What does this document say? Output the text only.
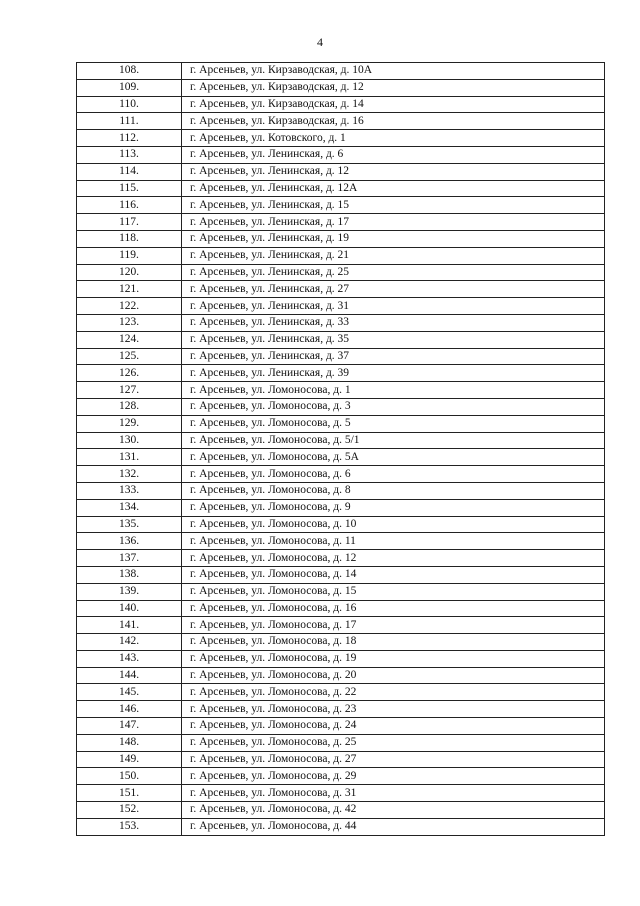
4
108.	г. Арсеньев, ул. Кирзаводская, д. 10А
109.	г. Арсеньев, ул. Кирзаводская, д. 12
110.	г. Арсеньев, ул. Кирзаводская, д. 14
111.	г. Арсеньев, ул. Кирзаводская, д. 16
112.	г. Арсеньев, ул. Котовского, д. 1
113.	г. Арсеньев, ул. Ленинская, д. 6
114.	г. Арсеньев, ул. Ленинская, д. 12
115.	г. Арсеньев, ул. Ленинская, д. 12А
116.	г. Арсеньев, ул. Ленинская, д. 15
117.	г. Арсеньев, ул. Ленинская, д. 17
118.	г. Арсеньев, ул. Ленинская, д. 19
119.	г. Арсеньев, ул. Ленинская, д. 21
120.	г. Арсеньев, ул. Ленинская, д. 25
121.	г. Арсеньев, ул. Ленинская, д. 27
122.	г. Арсеньев, ул. Ленинская, д. 31
123.	г. Арсеньев, ул. Ленинская, д. 33
124.	г. Арсеньев, ул. Ленинская, д. 35
125.	г. Арсеньев, ул. Ленинская, д. 37
126.	г. Арсеньев, ул. Ленинская, д. 39
127.	г. Арсеньев, ул. Ломоносова, д. 1
128.	г. Арсеньев, ул. Ломоносова, д. 3
129.	г. Арсеньев, ул. Ломоносова, д. 5
130.	г. Арсеньев, ул. Ломоносова, д. 5/1
131.	г. Арсеньев, ул. Ломоносова, д. 5А
132.	г. Арсеньев, ул. Ломоносова, д. 6
133.	г. Арсеньев, ул. Ломоносова, д. 8
134.	г. Арсеньев, ул. Ломоносова, д. 9
135.	г. Арсеньев, ул. Ломоносова, д. 10
136.	г. Арсеньев, ул. Ломоносова, д. 11
137.	г. Арсеньев, ул. Ломоносова, д. 12
138.	г. Арсеньев, ул. Ломоносова, д. 14
139.	г. Арсеньев, ул. Ломоносова, д. 15
140.	г. Арсеньев, ул. Ломоносова, д. 16
141.	г. Арсеньев, ул. Ломоносова, д. 17
142.	г. Арсеньев, ул. Ломоносова, д. 18
143.	г. Арсеньев, ул. Ломоносова, д. 19
144.	г. Арсеньев, ул. Ломоносова, д. 20
145.	г. Арсеньев, ул. Ломоносова, д. 22
146.	г. Арсеньев, ул. Ломоносова, д. 23
147.	г. Арсеньев, ул. Ломоносова, д. 24
148.	г. Арсеньев, ул. Ломоносова, д. 25
149.	г. Арсеньев, ул. Ломоносова, д. 27
150.	г. Арсеньев, ул. Ломоносова, д. 29
151.	г. Арсеньев, ул. Ломоносова, д. 31
152.	г. Арсеньев, ул. Ломоносова, д. 42
153.	г. Арсеньев, ул. Ломоносова, д. 44
